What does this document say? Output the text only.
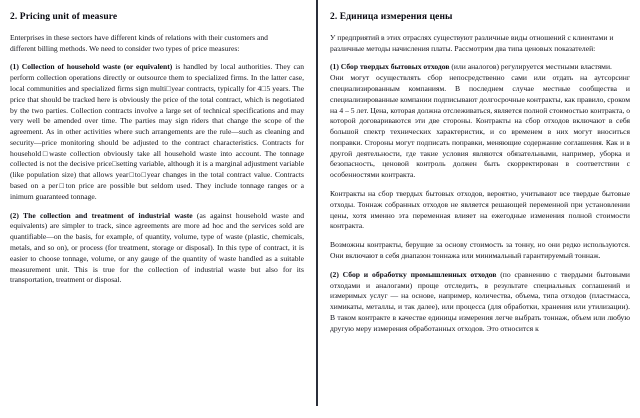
2. Pricing unit of measure

Enterprises in these sectors have different kinds of relations with their customers and

different billing methods. We need to consider two types of price measures:

(1) Collection of household waste (or equivalent) is handled by local authorities. They can perform collection operations directly or outsource them to specialized firms. In the latter case, local communities and specialized firms sign multi□year contracts, typically for 4□5 years. The price that should be tracked here is obviously the price of the total contract, which is negotiated by the two parties. Collection contracts involve a large set of technical specifications and may very well be amended over time. The parties may sign riders that change the scope of the agreement. As in other activities where such arrangements are the rule—such as cleaning and security—price monitoring should be adjusted to the contract characteristics. Contracts for household□waste collection obviously take all household waste into account. The tonnage collected is not the decisive price□setting variable, although it is a marginal adjustment variable (like population size) that allows year□to□year changes in the total contract value. Contracts based on a per□ton price are possible but seldom used. They include tonnage ranges or a inimum guaranteed tonnage.

(2) The collection and treatment of industrial waste (as against household waste and equivalents) are simpler to track, since agreements are more ad hoc and the services sold are quantifiable—on the basis, for example, of quantity, volume, type of waste (plastic, chemicals, metals, and so on), or process (for treatment, storage or disposal). In this type of contract, it is easier to choose tonnage, volume, or any gauge of the quantity of waste handled as a suitable measurement unit. This is true for the collection of industrial waste but also for its transportation, treatment or disposal.

2. Единица измерения цены

У предприятий в этих отраслях существуют различные виды отношений с клиентами и

различные методы начисления платы. Рассмотрим два типа ценовых показателей:

(1) Сбор твердых бытовых отходов (или аналогов) регулируется местными властями.

Они могут осуществлять сбор непосредственно сами или отдать на аутсорсинг специализированным компаниям. В последнем случае местные сообщества и специализированные компании подписывают долгосрочные контракты, как правило, сроком на 4 – 5 лет. Цена, которая должна отслеживаться, является полной стоимостью контракта, о которой договариваются эти две стороны. Контракты на сбор отходов включают в себя большой спектр технических характеристик, и со временем в них могут вноситься поправки. Стороны могут подписать поправки, меняющие содержание соглашения. Как и в другой деятельности, где такие условия являются обязательными, например, уборка и безопасность, ценовой контроль должен быть скорректирован в соответствии с особенностями контракта.

Контракты на сбор твердых бытовых отходов, вероятно, учитывают все твердые бытовые отходы. Тоннаж собранных отходов не является решающей переменной при установлении цены, хотя именно эта переменная влияет на ежегодные изменения полной стоимости контракта.

Возможны контракты, берущие за основу стоимость за тонну, но они редко используются. Они включают в себя диапазон тоннажа или минимальный гарантируемый тоннаж.

(2) Сбор и обработку промышленных отходов (по сравнению с твердыми бытовыми отходами и аналогами) проще отследить, в результате специальных соглашений и измеримых услуг — на основе, например, количества, объема, типа отходов (пластмасса, химикаты, металлы, и так далее), или процесса (для обработки, хранения или утилизации). В таком контракте в качестве единицы измерения легче выбрать тоннаж, объем или любую другую меру измерения обработанных отходов. Это относится к
